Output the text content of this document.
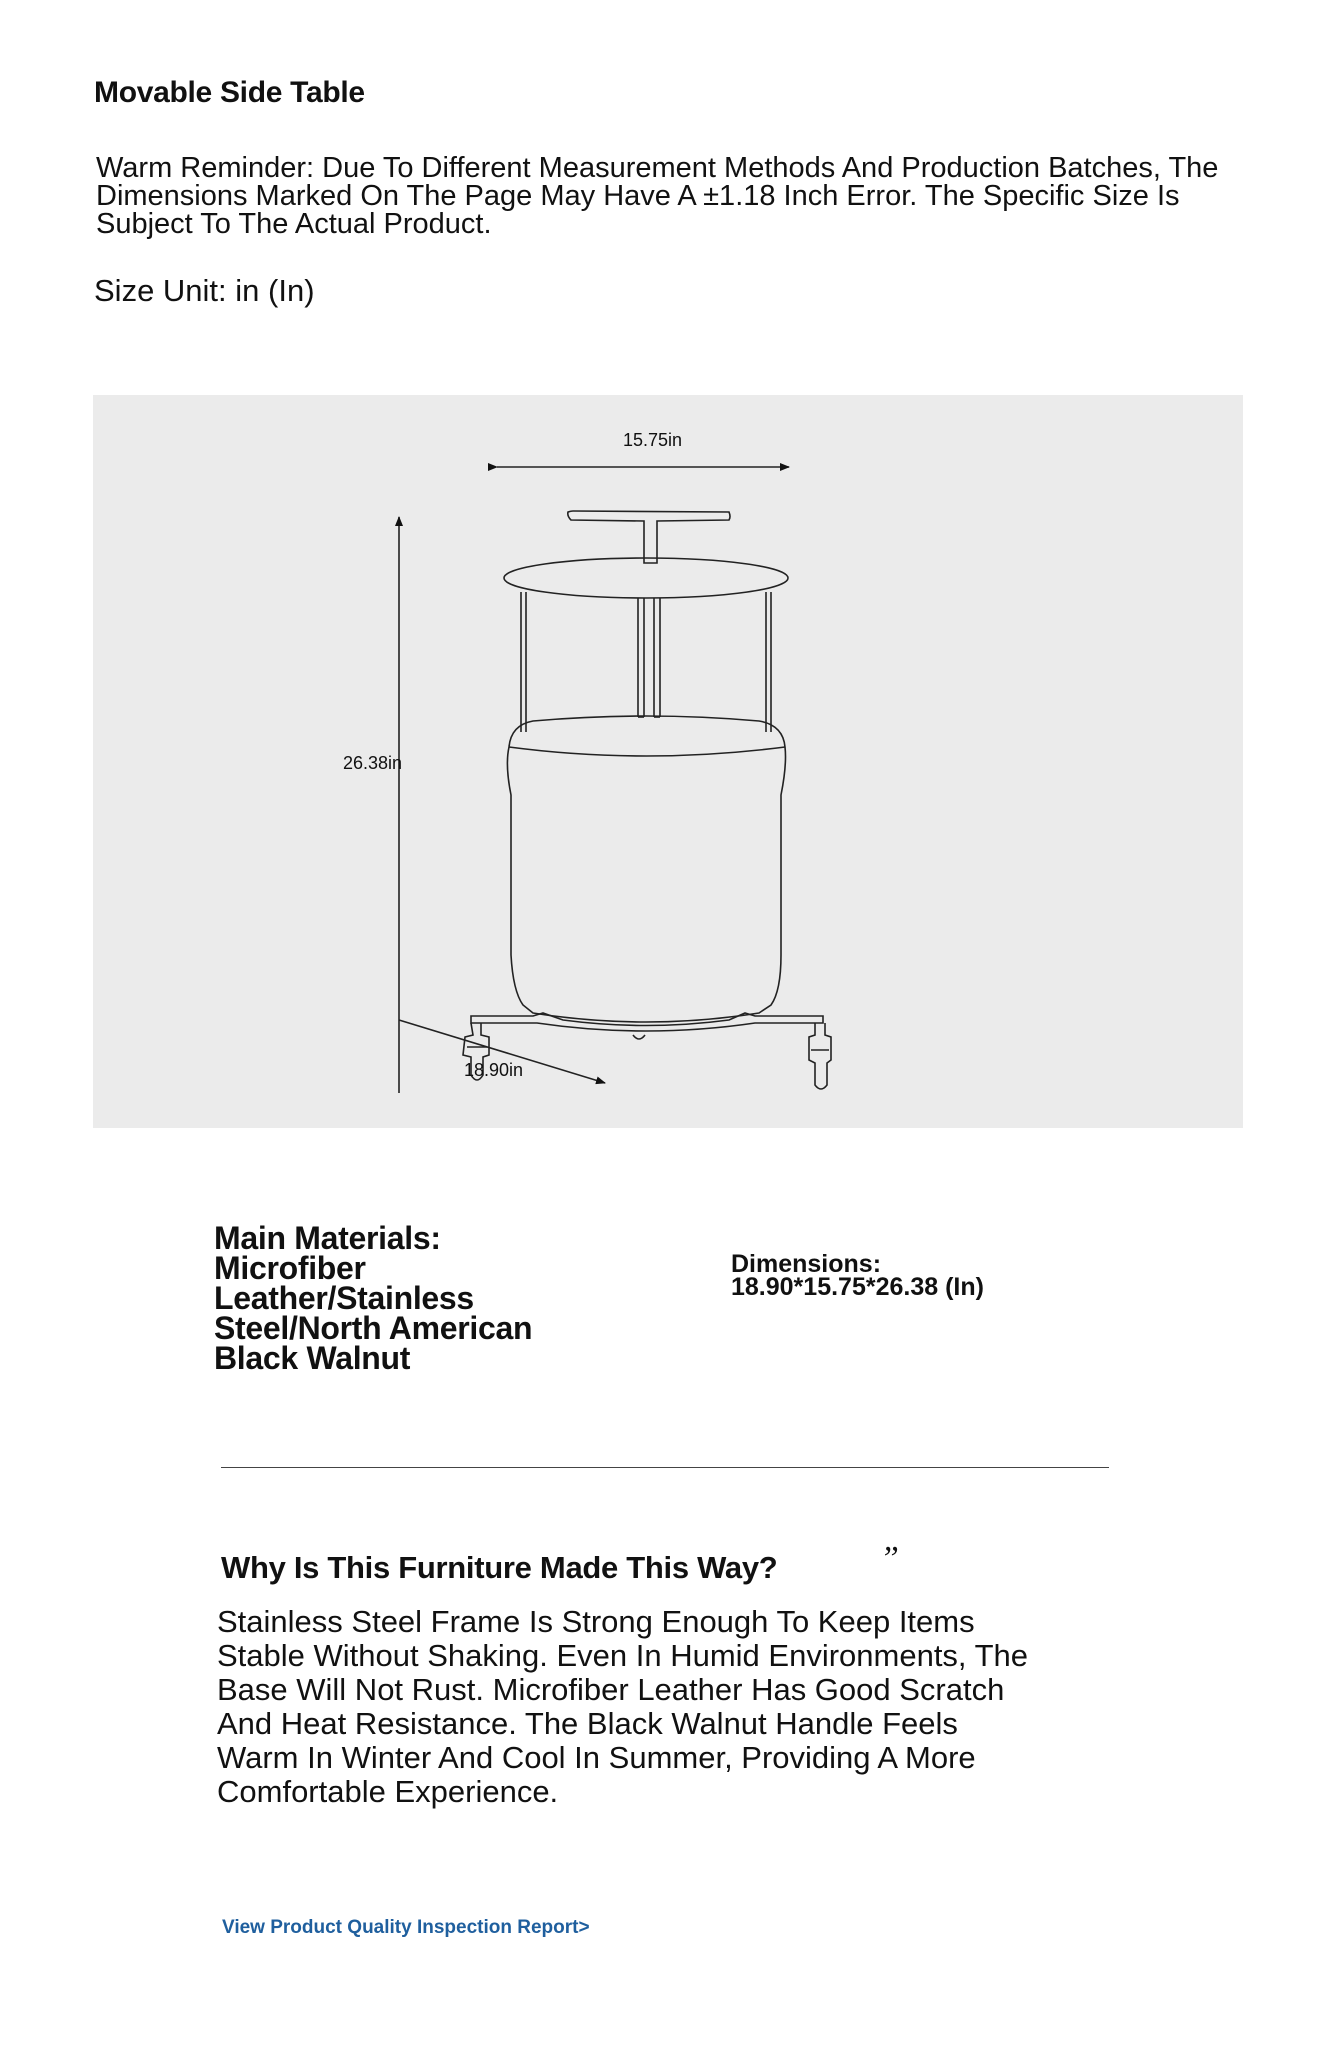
Movable Side Table
Warm Reminder: Due To Different Measurement Methods And Production Batches, The Dimensions Marked On The Page May Have A ±1.18 Inch Error. The Specific Size Is Subject To The Actual Product.
Size Unit: in (In)
15.75in
26.38in
18.90in
Main Materials: Microfiber Leather/Stainless Steel/North American Black Walnut
Dimensions: 18.90*15.75*26.38 (In)
Why Is This Furniture Made This Way?	”
Stainless Steel Frame Is Strong Enough To Keep Items Stable Without Shaking. Even In Humid Environments, The Base Will Not Rust. Microfiber Leather Has Good Scratch And Heat Resistance. The Black Walnut Handle Feels Warm In Winter And Cool In Summer, Providing A More Comfortable Experience.
View Product Quality Inspection Report>
